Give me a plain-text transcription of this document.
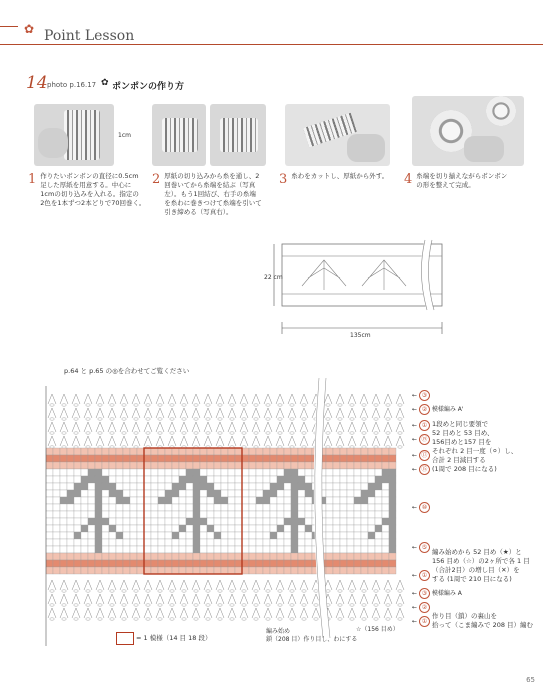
✿ Point Lesson
14 photo p.16.17 ✿ ポンポンの作り方
1cm
1 作りたいボンボンの直径に0.5cm
足した厚紙を用意する。中心に
1cmの切り込みを入れる。指定の
2色を1本ずつ2本どりで70回巻く。
2 厚紙の切り込みから糸を通し、2
回巻いてから糸端を結ぶ（写真
左）。もう1回結び、右手の糸端
を糸わに巻きつけて糸端を引いて
引き締める（写真右）。
3 糸わをカットし、厚紙から外す。 4 糸端を切り揃えながらボンボン
の形を整えて完成。
22 cm
135cm
p.64 と p.65 の◎を合わせてご覧ください
← ③
← ② 模様編み A'
← ①
← ⑲
← ⑰
← ⑮
← ⑩
← ⑤
← ①
← ③ 模様編み A
← ②
← ①
1段めと同じ要領で
52 目めと 53 目め、
156目めと157 目を
それぞれ 2 目一度（⚪）し、
合計 2 目減目する
(1周で 208 目になる)
編み始めから 52 目め（★）と
156 目め（☆）の2ヶ所で各 1 目
（合計2目）の増し目（✕）を
する (1周で 210 目になる)
作り目（鎖）の裏山を
拾って（こま編みで 208 目）編む
= 1 模様（14 目 18 段）
編み始め
鎖（208 目）作り目し、わにする
☆（156 目め）
65
